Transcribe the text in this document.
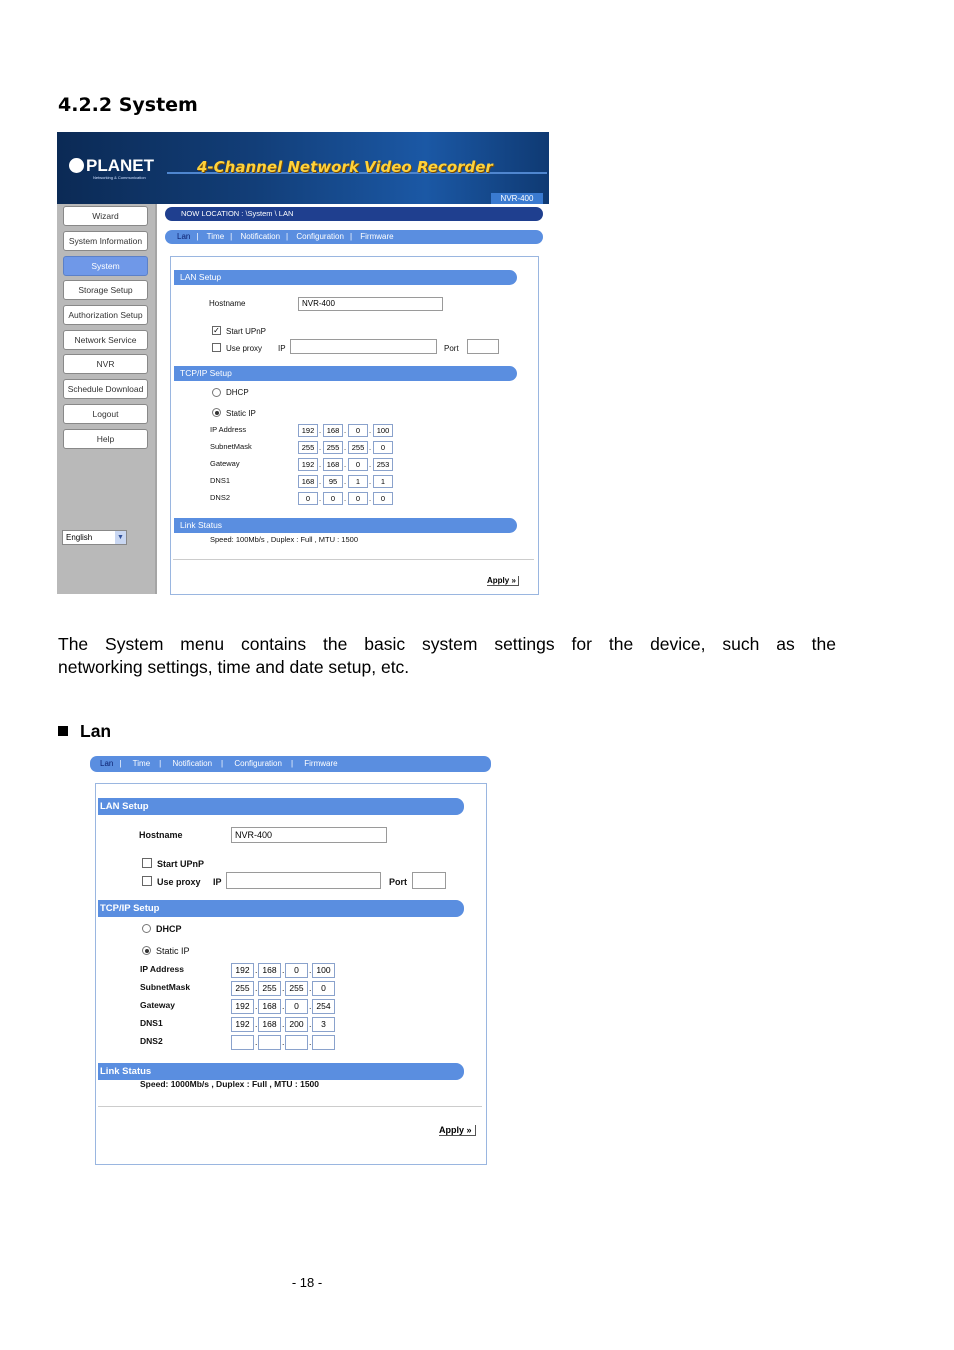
4.2.2 System
PLANET
Networking & Communication
4-Channel Network Video Recorder
NVR-400
Wizard
System Information
System
Storage Setup
Authorization Setup
Network Service
NVR
Schedule Download
Logout
Help
English	▼
NOW LOCATION : \System \ LAN
Lan | Time | Notification | Configuration | Firmware
LAN Setup
Hostname	NVR-400
✓ Start UPnP
Use proxy IP	Port
TCP/IP Setup
DHCP
Static IP
IP Address	192 . 168 .	0	. 100
SubnetMask	255 . 255 . 255 .	0
Gateway	192 . 168 .	0	. 253
DNS1	168 .	95 .	1	.	1
DNS2	0	.	0	.	0	.	0
Link Status
Speed: 100Mb/s , Duplex : Full , MTU : 1500
Apply »
The System menu contains the basic system settings for the device, such as the
networking settings, time and date setup, etc.
Lan
Lan | Time | Notification | Configuration | Firmware
LAN Setup
Hostname	NVR-400
Start UPnP
Use proxy IP	Port
TCP/IP Setup
DHCP
Static IP
IP Address	192 . 168 .	0	. 100
SubnetMask	255 . 255 . 255 .	0
Gateway	192 . 168 .	0	. 254
DNS1	192 . 168 . 200 .	3
DNS2	.	.	.
Link Status
Speed: 1000Mb/s , Duplex : Full , MTU : 1500
Apply »
- 18 -
